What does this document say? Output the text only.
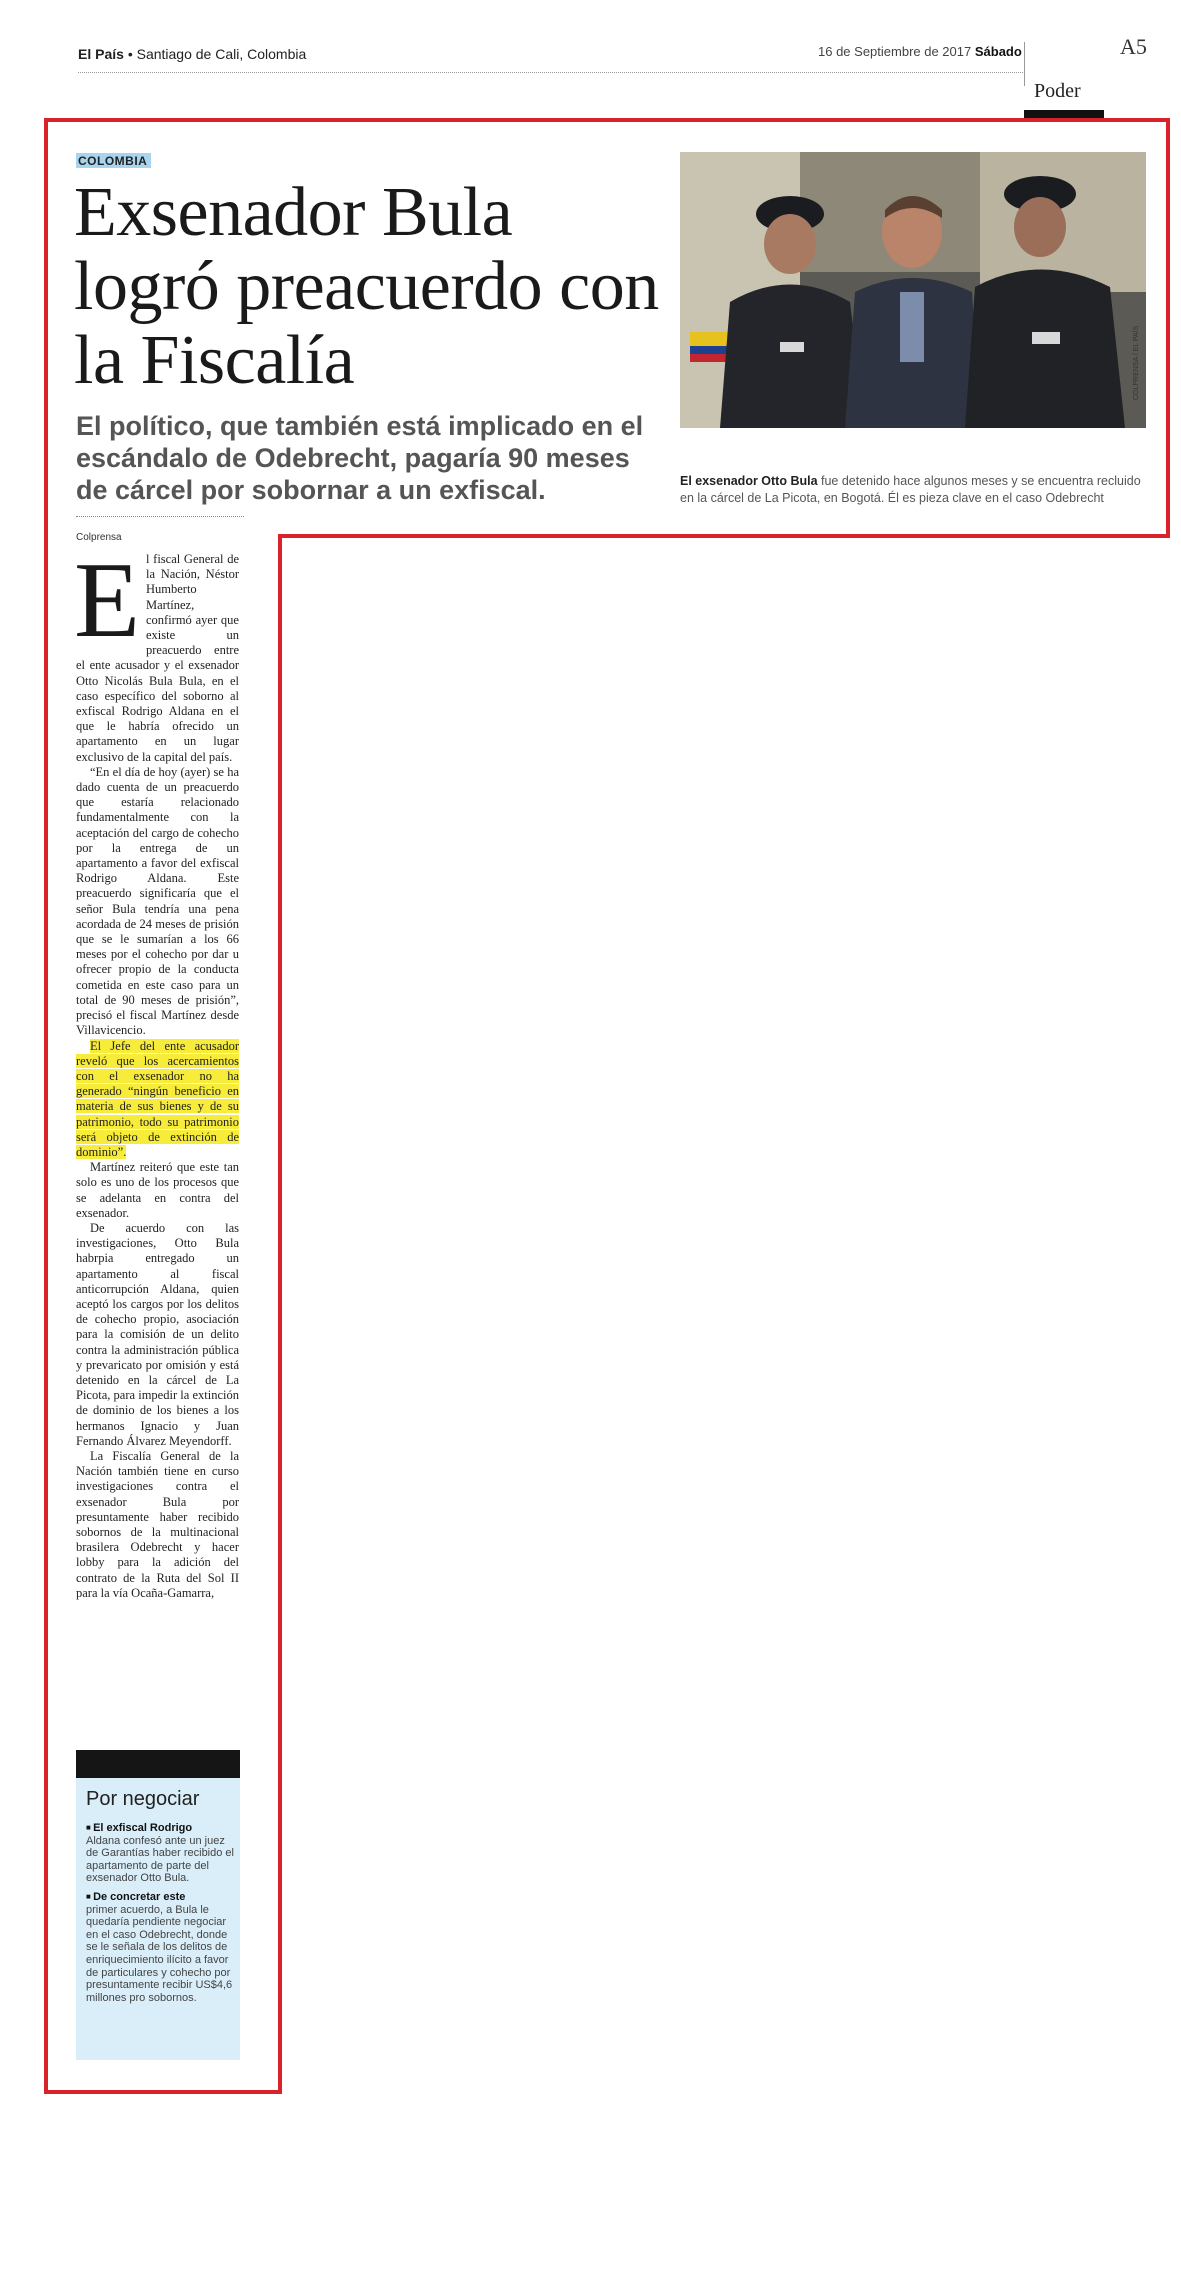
El País • Santiago de Cali, Colombia	16 de Septiembre de 2017 Sábado
Poder
A5
COLOMBIA
Exsenador Bula logró preacuerdo con la Fiscalía

El político, que también está implicado en el escándalo de Odebrecht, pagaría 90 meses de cárcel por sobornar a un exfiscal.

COLPRENSA / EL PAÍS

El exsenador Otto Bula fue detenido hace algunos meses y se encuentra recluido en la cárcel de La Picota, en Bogotá. Él es pieza clave en el caso Odebrecht

Colprensa

El fiscal General de la Nación, Néstor Humberto Martínez, confirmó ayer que existe un preacuerdo entre el ente acusador y el exsenador Otto Nicolás Bula Bula, en el caso específico del soborno al exfiscal Rodrigo Aldana en el que le habría ofrecido un apartamento en un lugar exclusivo de la capital del país.

“En el día de hoy (ayer) se ha dado cuenta de un preacuerdo que estaría relacionado fundamentalmente con la aceptación del cargo de cohecho por la entrega de un apartamento a favor del exfiscal Rodrigo Aldana. Este preacuerdo significaría que el señor Bula tendría una pena acordada de 24 meses de prisión que se le sumarían a los 66 meses por el cohecho por dar u ofrecer propio de la conducta cometida en este caso para un total de 90 meses de prisión”, precisó el fiscal Martínez desde Villavicencio.

El Jefe del ente acusador reveló que los acercamientos con el exsenador no ha generado “ningún beneficio en materia de sus bienes y de su patrimonio, todo su patrimonio será objeto de extinción de dominio”.

Martínez reiteró que este tan solo es uno de los procesos que se adelanta en contra del exsenador.

De acuerdo con las investigaciones, Otto Bula habrpia entregado un apartamento al fiscal anticorrupción Aldana, quien aceptó los cargos por los delitos de cohecho propio, asociación para la comisión de un delito contra la administración pública y prevaricato por omisión y está detenido en la cárcel de La Picota, para impedir la extinción de dominio de los bienes a los hermanos Ignacio y Juan Fernando Álvarez Meyendorff.

La Fiscalía General de la Nación también tiene en curso investigaciones contra el exsenador Bula por presuntamente haber recibido sobornos de la multinacional brasilera Odebrecht y hacer lobby para la adición del contrato de la Ruta del Sol II para la vía Ocaña-Gamarra,

Por negociar
■ El exfiscal Rodrigo
Aldana confesó ante un juez de Garantías haber recibido el apartamento de parte del exsenador Otto Bula.
■ De concretar este
primer acuerdo, a Bula le quedaría pendiente negociar en el caso Odebrecht, donde se le señala de los delitos de enriquecimiento ilícito a favor de particulares y cohecho por presuntamente recibir US$4,6 millones pro sobornos.
